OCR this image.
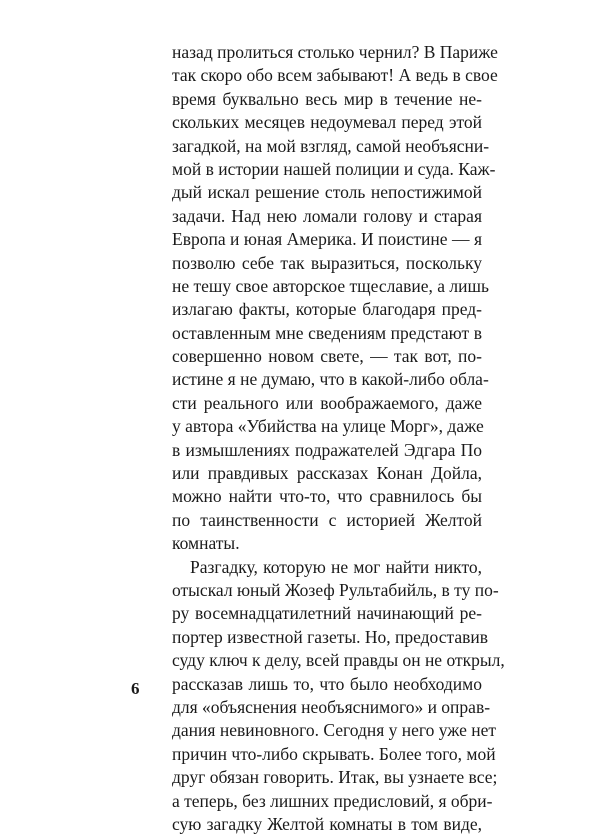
назад пролиться столько чернил? В Париже
так скоро обо всем забывают! А ведь в свое
время буквально весь мир в течение не-
скольких месяцев недоумевал перед этой
загадкой, на мой взгляд, самой необъясни-
мой в истории нашей полиции и суда. Каж-
дый искал решение столь непостижимой
задачи. Над нею ломали голову и старая
Европа и юная Америка. И поистине — я
позволю себе так выразиться, поскольку
не тешу свое авторское тщеславие, а лишь
излагаю факты, которые благодаря пред-
оставленным мне сведениям предстают в
совершенно новом свете, — так вот, по-
истине я не думаю, что в какой-либо обла-
сти реального или воображаемого, даже
у автора «Убийства на улице Морг», даже
в измышлениях подражателей Эдгара По
или правдивых рассказах Конан Дойла,
можно найти что-то, что сравнилось бы
по таинственности с историей Желтой
комнаты.
Разгадку, которую не мог найти никто,
отыскал юный Жозеф Рультабийль, в ту по-
ру восемнадцатилетний начинающий ре-
портер известной газеты. Но, предоставив
суду ключ к делу, всей правды он не открыл,
рассказав лишь то, что было необходимо
для «объяснения необъяснимого» и оправ-
дания невиновного. Сегодня у него уже нет
причин что-либо скрывать. Более того, мой
друг обязан говорить. Итак, вы узнаете все;
а теперь, без лишних предисловий, я обри-
сую загадку Желтой комнаты в том виде,
6
